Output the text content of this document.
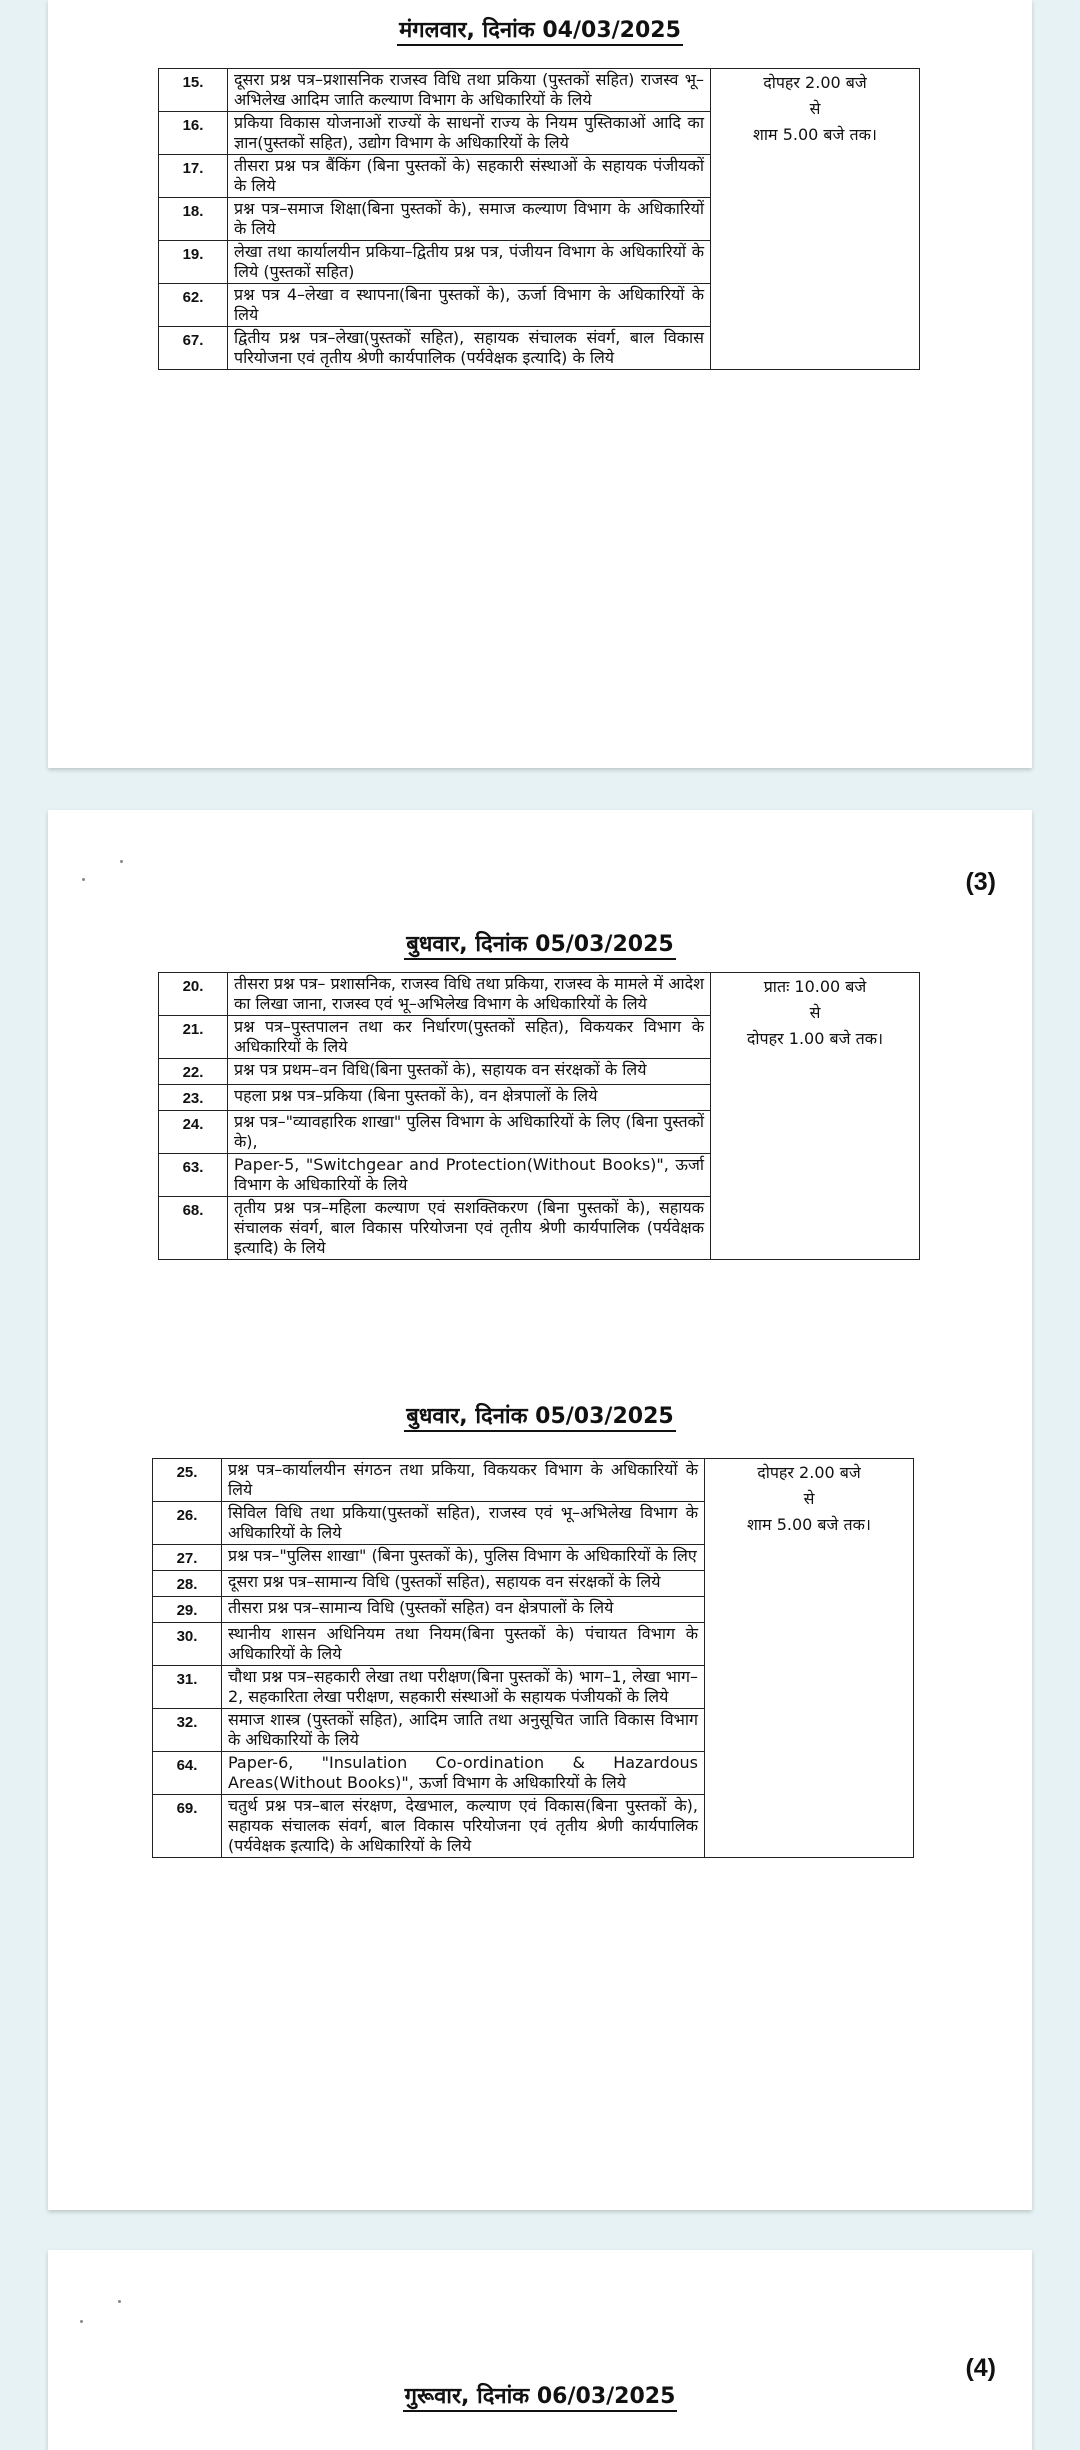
मंगलवार, दिनांक 04/03/2025
15.	दूसरा प्रश्न पत्र–प्रशासनिक राजस्व विधि तथा प्रकिया (पुस्तकों सहित) राजस्व भू– अभिलेख आदिम जाति कल्याण विभाग के अधिकारियों के लिये	दोपहर 2.00 बजे
से
शाम 5.00 बजे तक।

16.	प्रकिया विकास योजनाओं राज्यों के साधनों राज्य के नियम पुस्तिकाओं आदि का ज्ञान(पुस्तकों सहित), उद्योग विभाग के अधिकारियों के लिये	
17.	तीसरा प्रश्न पत्र बैंकिंग (बिना पुस्तकों के) सहकारी संस्थाओं के सहायक पंजीयकों के लिये	
18.	प्रश्न पत्र–समाज शिक्षा(बिना पुस्तकों के), समाज कल्याण विभाग के अधिकारियों के लिये	
19.	लेखा तथा कार्यालयीन प्रकिया–द्वितीय प्रश्न पत्र, पंजीयन विभाग के अधिकारियों के लिये (पुस्तकों सहित)	
62.	प्रश्न पत्र 4–लेखा व स्थापना(बिना पुस्तकों के), ऊर्जा विभाग के अधिकारियों के लिये	
67.	द्वितीय प्रश्न पत्र–लेखा(पुस्तकों सहित), सहायक संचालक संवर्ग, बाल विकास परियोजना एवं तृतीय श्रेणी कार्यपालिक (पर्यवेक्षक इत्यादि) के लिये	
(3)
बुधवार, दिनांक 05/03/2025
20.	तीसरा प्रश्न पत्र– प्रशासनिक, राजस्व विधि तथा प्रकिया, राजस्व के मामले में आदेश का लिखा जाना, राजस्व एवं भू–अभिलेख विभाग के अधिकारियों के लिये	प्रातः 10.00 बजे
से
दोपहर 1.00 बजे तक।

21.	प्रश्न पत्र–पुस्तपालन तथा कर निर्धारण(पुस्तकों सहित), विकयकर विभाग के अधिकारियों के लिये	
22.	प्रश्न पत्र प्रथम–वन विधि(बिना पुस्तकों के), सहायक वन संरक्षकों के लिये	
23.	पहला प्रश्न पत्र–प्रकिया (बिना पुस्तकों के), वन क्षेत्रपालों के लिये	
24.	प्रश्न पत्र–"व्यावहारिक शाखा" पुलिस विभाग के अधिकारियों के लिए (बिना पुस्तकों के),	
63.	Paper-5, "Switchgear and Protection(Without Books)", ऊर्जा विभाग के अधिकारियों के लिये	
68.	तृतीय प्रश्न पत्र–महिला कल्याण एवं सशक्तिकरण (बिना पुस्तकों के), सहायक संचालक संवर्ग, बाल विकास परियोजना एवं तृतीय श्रेणी कार्यपालिक (पर्यवेक्षक इत्यादि) के लिये	
बुधवार, दिनांक 05/03/2025
25.	प्रश्न पत्र–कार्यालयीन संगठन तथा प्रकिया, विकयकर विभाग के अधिकारियों के लिये	दोपहर 2.00 बजे
से
शाम 5.00 बजे तक।

26.	सिविल विधि तथा प्रकिया(पुस्तकों सहित), राजस्व एवं भू–अभिलेख विभाग के अधिकारियों के लिये	
27.	प्रश्न पत्र–"पुलिस शाखा" (बिना पुस्तकों के), पुलिस विभाग के अधिकारियों के लिए	
28.	दूसरा प्रश्न पत्र–सामान्य विधि (पुस्तकों सहित), सहायक वन संरक्षकों के लिये	
29.	तीसरा प्रश्न पत्र–सामान्य विधि (पुस्तकों सहित) वन क्षेत्रपालों के लिये	
30.	स्थानीय शासन अधिनियम तथा नियम(बिना पुस्तकों के) पंचायत विभाग के अधिकारियों के लिये	
31.	चौथा प्रश्न पत्र–सहकारी लेखा तथा परीक्षण(बिना पुस्तकों के) भाग–1, लेखा भाग–2, सहकारिता लेखा परीक्षण, सहकारी संस्थाओं के सहायक पंजीयकों के लिये	
32.	समाज शास्त्र (पुस्तकों सहित), आदिम जाति तथा अनुसूचित जाति विकास विभाग के अधिकारियों के लिये	
64.	Paper-6, "Insulation Co-ordination & Hazardous Areas(Without Books)", ऊर्जा विभाग के अधिकारियों के लिये	
69.	चतुर्थ प्रश्न पत्र–बाल संरक्षण, देखभाल, कल्याण एवं विकास(बिना पुस्तकों के), सहायक संचालक संवर्ग, बाल विकास परियोजना एवं तृतीय श्रेणी कार्यपालिक (पर्यवेक्षक इत्यादि) के अधिकारियों के लिये	
(4)
गुरूवार, दिनांक 06/03/2025
